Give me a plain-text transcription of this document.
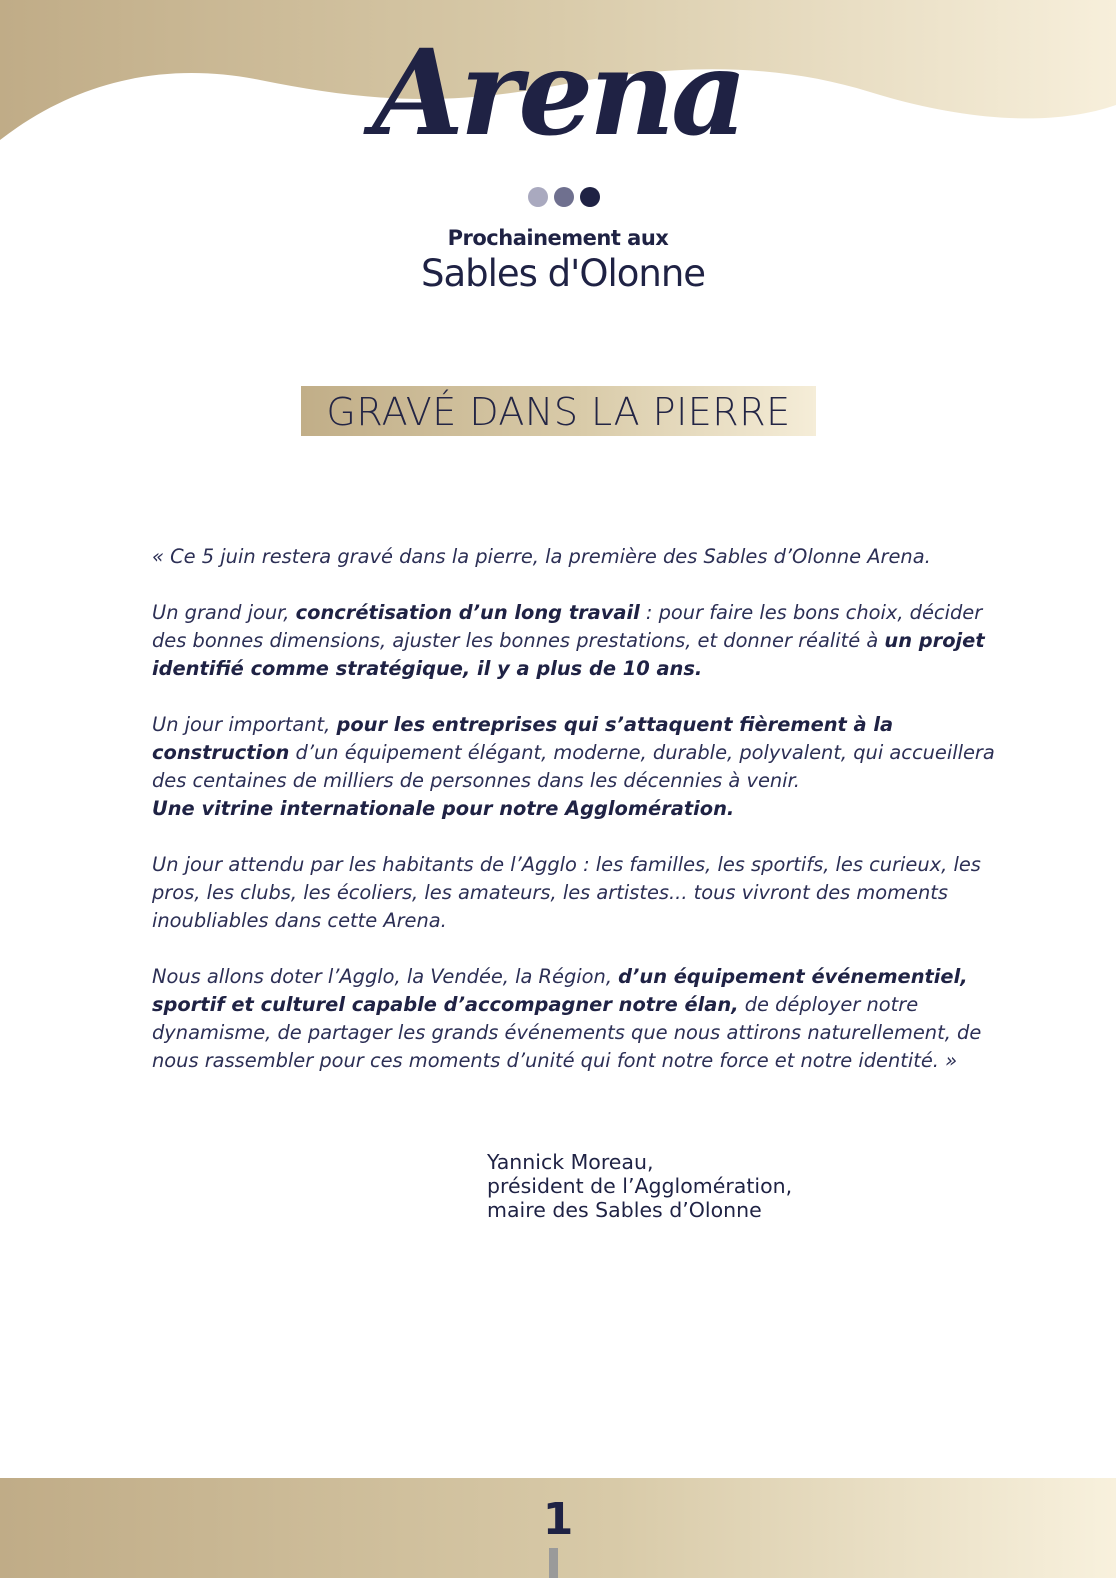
Arena
Prochainement aux
Sables d'Olonne
GRAVÉ DANS LA PIERRE

« Ce 5 juin restera gravé dans la pierre, la première des Sables d’Olonne Arena.

Un grand jour, concrétisation d’un long travail : pour faire les bons choix, décider des bonnes dimensions, ajuster les bonnes prestations, et donner réalité à un projet identifié comme stratégique, il y a plus de 10 ans.

Un jour important, pour les entreprises qui s’attaquent fièrement à la construction d’un équipement élégant, moderne, durable, polyvalent, qui accueillera des centaines de milliers de personnes dans les décennies à venir.
Une vitrine internationale pour notre Agglomération.

Un jour attendu par les habitants de l’Agglo : les familles, les sportifs, les curieux, les pros, les clubs, les écoliers, les amateurs, les artistes... tous vivront des moments inoubliables dans cette Arena.

Nous allons doter l’Agglo, la Vendée, la Région, d’un équipement événementiel, sportif et culturel capable d’accompagner notre élan, de déployer notre dynamisme, de partager les grands événements que nous attirons naturellement, de nous rassembler pour ces moments d’unité qui font notre force et notre identité. »

Yannick Moreau,
président de l’Agglomération,
maire des Sables d’Olonne
1
